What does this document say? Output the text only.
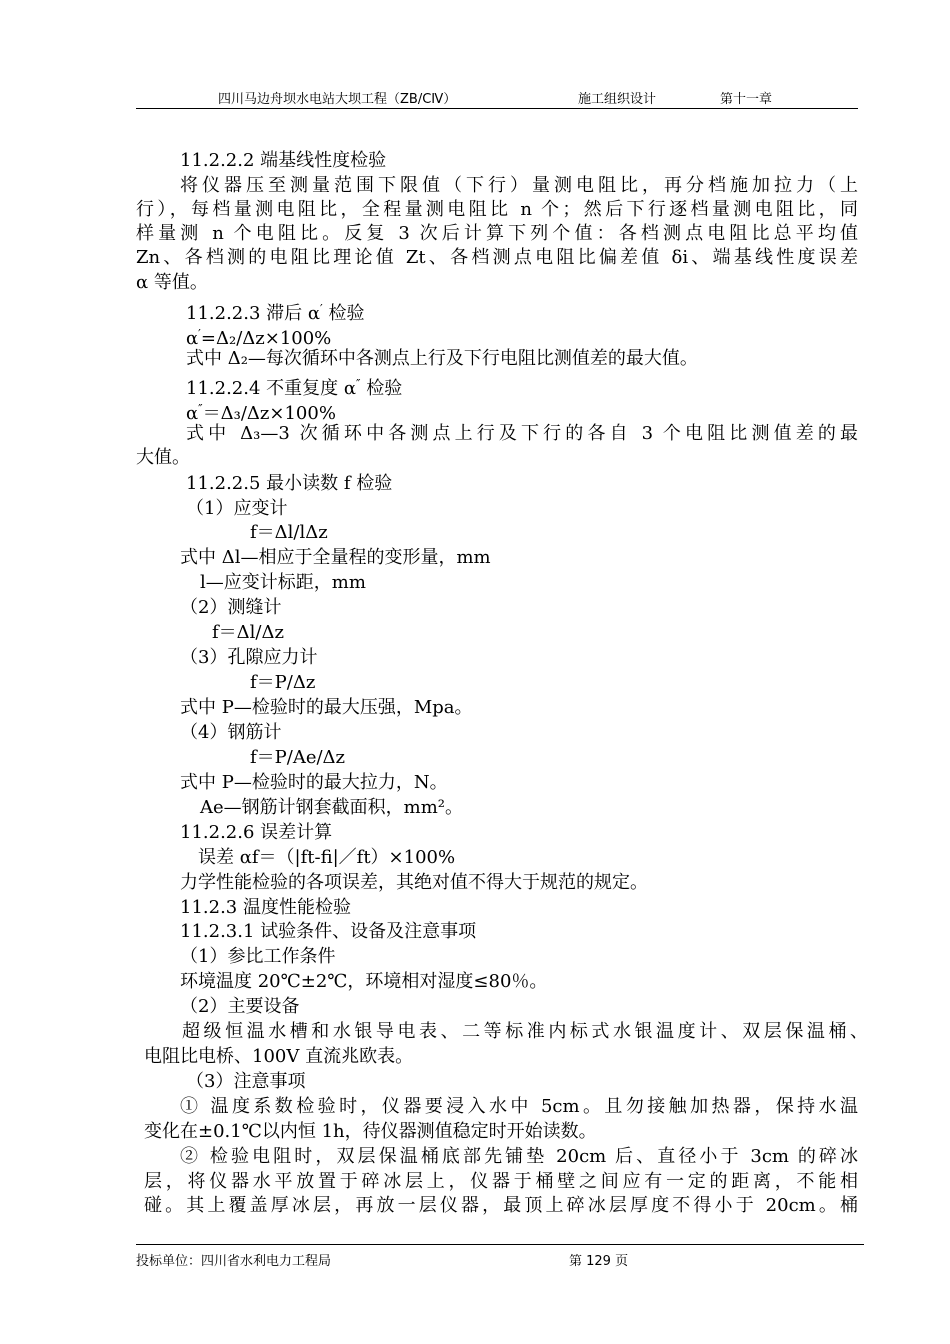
四川马边舟坝水电站大坝工程（ZB/CⅣ）	施工组织设计	第十一章
11.2.2.2 端基线性度检验
将仪器压至测量范围下限值（下行）量测电阻比，再分档施加拉力（上
行），每档量测电阻比，全程量测电阻比 n 个；然后下行逐档量测电阻比，同
样量测 n 个电阻比。反复 3 次后计算下列个值：各档测点电阻比总平均值
Zn、各档测的电阻比理论值 Zt、各档测点电阻比偏差值 δi、端基线性度误差
α 等值。
11.2.2.3 滞后 α′ 检验
α′=Δ₂/Δz×100%
式中 Δ₂—每次循环中各测点上行及下行电阻比测值差的最大值。
11.2.2.4 不重复度 α″ 检验
α″＝Δ₃/Δz×100%
式中 Δ₃—3 次循环中各测点上行及下行的各自 3 个电阻比测值差的最
大值。
11.2.2.5 最小读数 f 检验
（1）应变计
f＝Δl/lΔz
式中 Δl—相应于全量程的变形量，mm
l—应变计标距，mm
（2）测缝计
f＝Δl/Δz
（3）孔隙应力计
f＝P/Δz
式中 P—检验时的最大压强，Mpa。
（4）钢筋计
f＝P/Ae/Δz
式中 P—检验时的最大拉力，N。
Ae—钢筋计钢套截面积，mm²。
11.2.2.6 误差计算
误差 αf＝（|ft-fi|／ft）×100%
力学性能检验的各项误差，其绝对值不得大于规范的规定。
11.2.3 温度性能检验
11.2.3.1 试验条件、设备及注意事项
（1）参比工作条件
环境温度 20℃±2℃，环境相对湿度≤80％。
（2）主要设备
超级恒温水槽和水银导电表、二等标准内标式水银温度计、双层保温桶、
电阻比电桥、100V 直流兆欧表。
（3）注意事项
① 温度系数检验时，仪器要浸入水中 5cm。且勿接触加热器，保持水温
变化在±0.1℃以内恒 1h，待仪器测值稳定时开始读数。
② 检验电阻时，双层保温桶底部先铺垫 20cm 后、直径小于 3cm 的碎冰
层，将仪器水平放置于碎冰层上，仪器于桶壁之间应有一定的距离，不能相
碰。其上覆盖厚冰层，再放一层仪器，最顶上碎冰层厚度不得小于 20cm。桶
投标单位：四川省水利电力工程局	第 129 页
